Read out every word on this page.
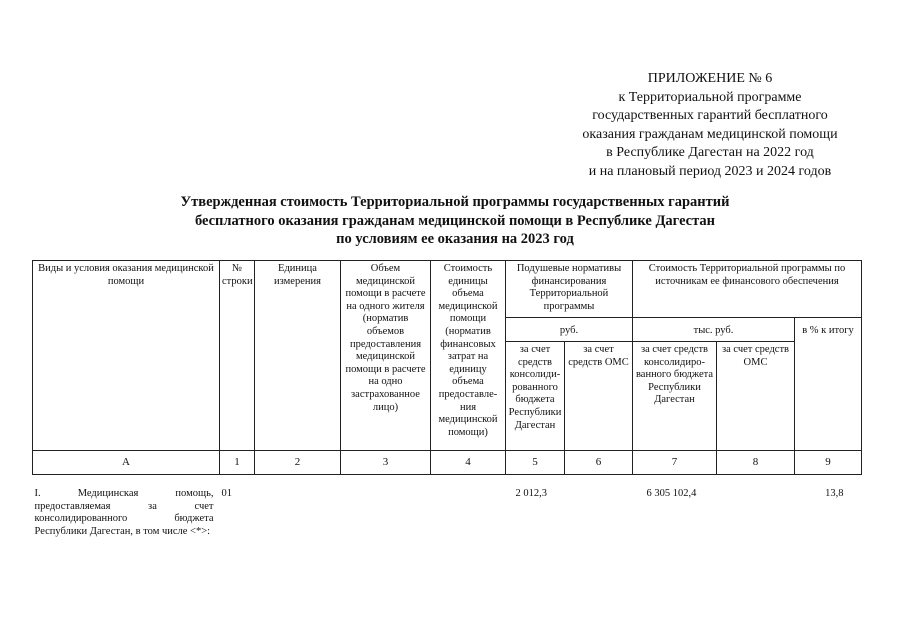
ПРИЛОЖЕНИЕ № 6
к Территориальной программе
государственных гарантий бесплатного
оказания гражданам медицинской помощи
в Республике Дагестан на 2022 год
и на плановый период 2023 и 2024 годов
Утвержденная стоимость Территориальной программы государственных гарантий
бесплатного оказания гражданам медицинской помощи в Республике Дагестан
по условиям ее оказания на 2023 год
Виды и условия оказания медицинской помощи	№ строки	Единица измерения	Объем медицинской помощи в расчете на одного жителя (норматив объемов предоставления медицинской помощи в расчете на одно застрахованное лицо)	Стоимость единицы объема медицинской помощи (норматив финансовых затрат на единицу объема предоставле-ния медицинской помощи)	Подушевые нормативы финансирования Территориальной программы		Стоимость Территориальной программы по источникам ее финансового обеспечения		
					руб.		тыс. руб.		в % к итогу
					за счет средств консолиди-рованного бюджета Республики Дагестан	за счет средств ОМС	за счет средств консолидиро-ванного бюджета Республики Дагестан	за счет средств ОМС	
А	1	2	3	4	5	6	7	8	9

I. Медицинская помощь, предоставляемая за счет консолидированного бюджета Республики Дагестан, в том числе <*>:	01				2 012,3		6 305 102,4		13,8
